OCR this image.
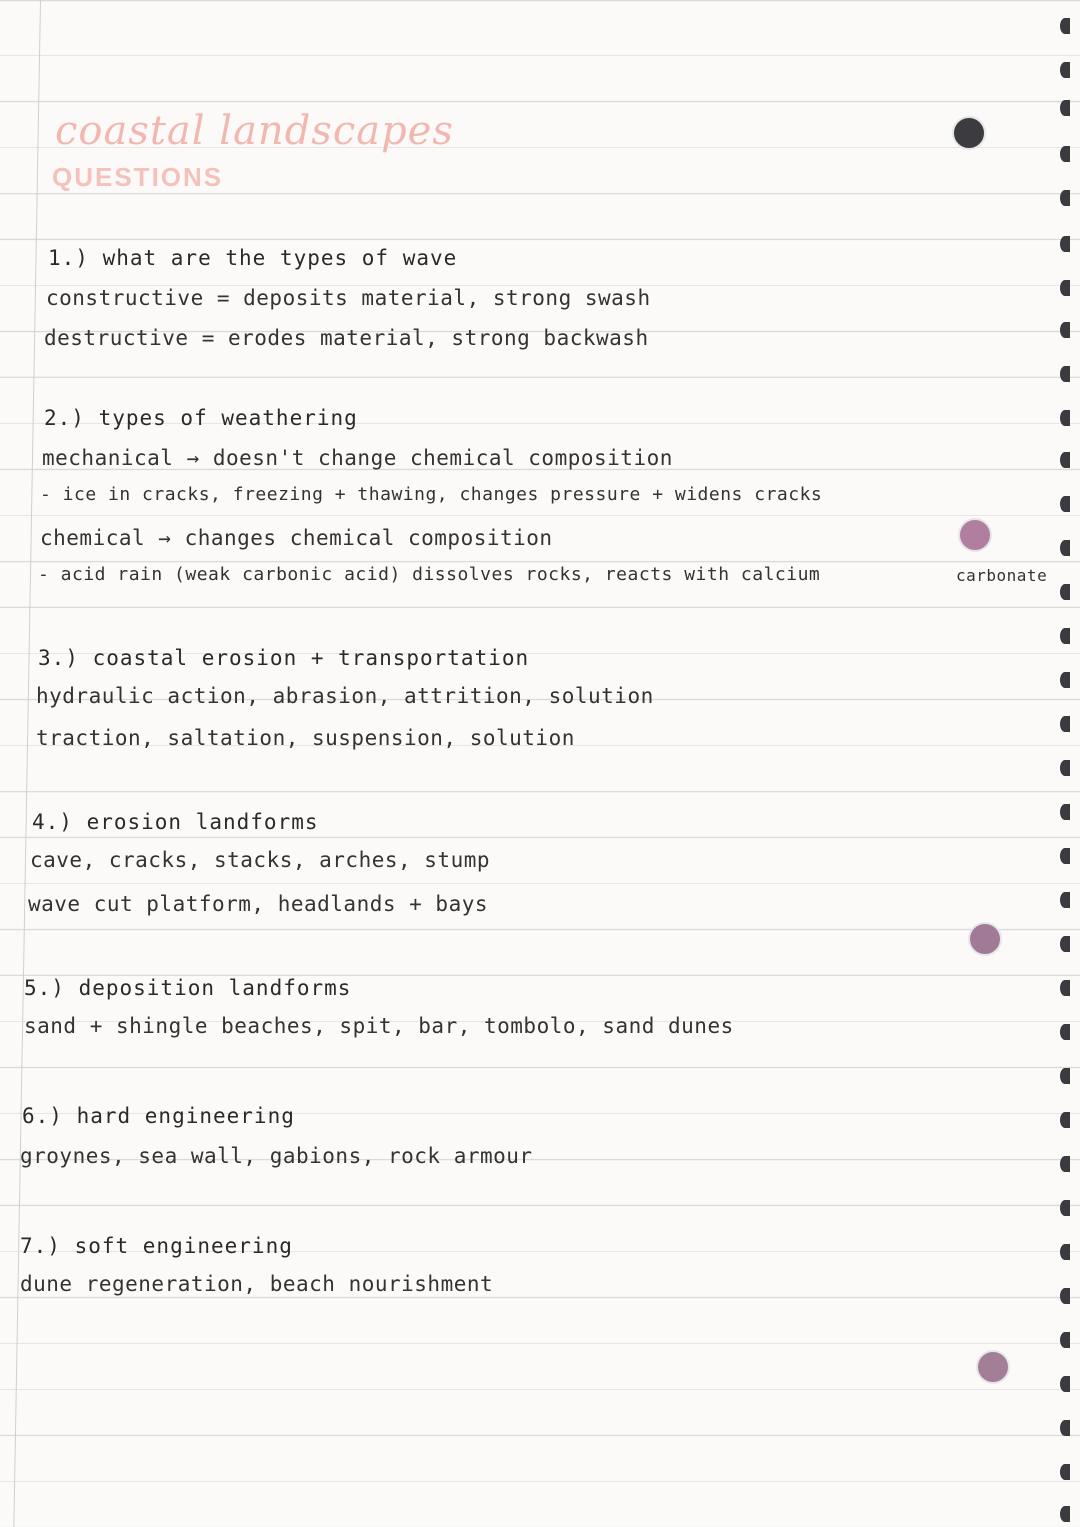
coastal landscapes
QUESTIONS
1.) what are the types of wave
constructive = deposits material, strong swash
destructive = erodes material, strong backwash
2.) types of weathering
mechanical → doesn't change chemical composition
- ice in cracks, freezing + thawing, changes pressure + widens cracks
chemical → changes chemical composition
- acid rain (weak carbonic acid) dissolves rocks, reacts with calcium	carbonate
3.) coastal erosion + transportation
hydraulic action, abrasion, attrition, solution
traction, saltation, suspension, solution
4.) erosion landforms
cave, cracks, stacks, arches, stump
wave cut platform, headlands + bays
5.) deposition landforms
sand + shingle beaches, spit, bar, tombolo, sand dunes
6.) hard engineering
groynes, sea wall, gabions, rock armour
7.) soft engineering
dune regeneration, beach nourishment
